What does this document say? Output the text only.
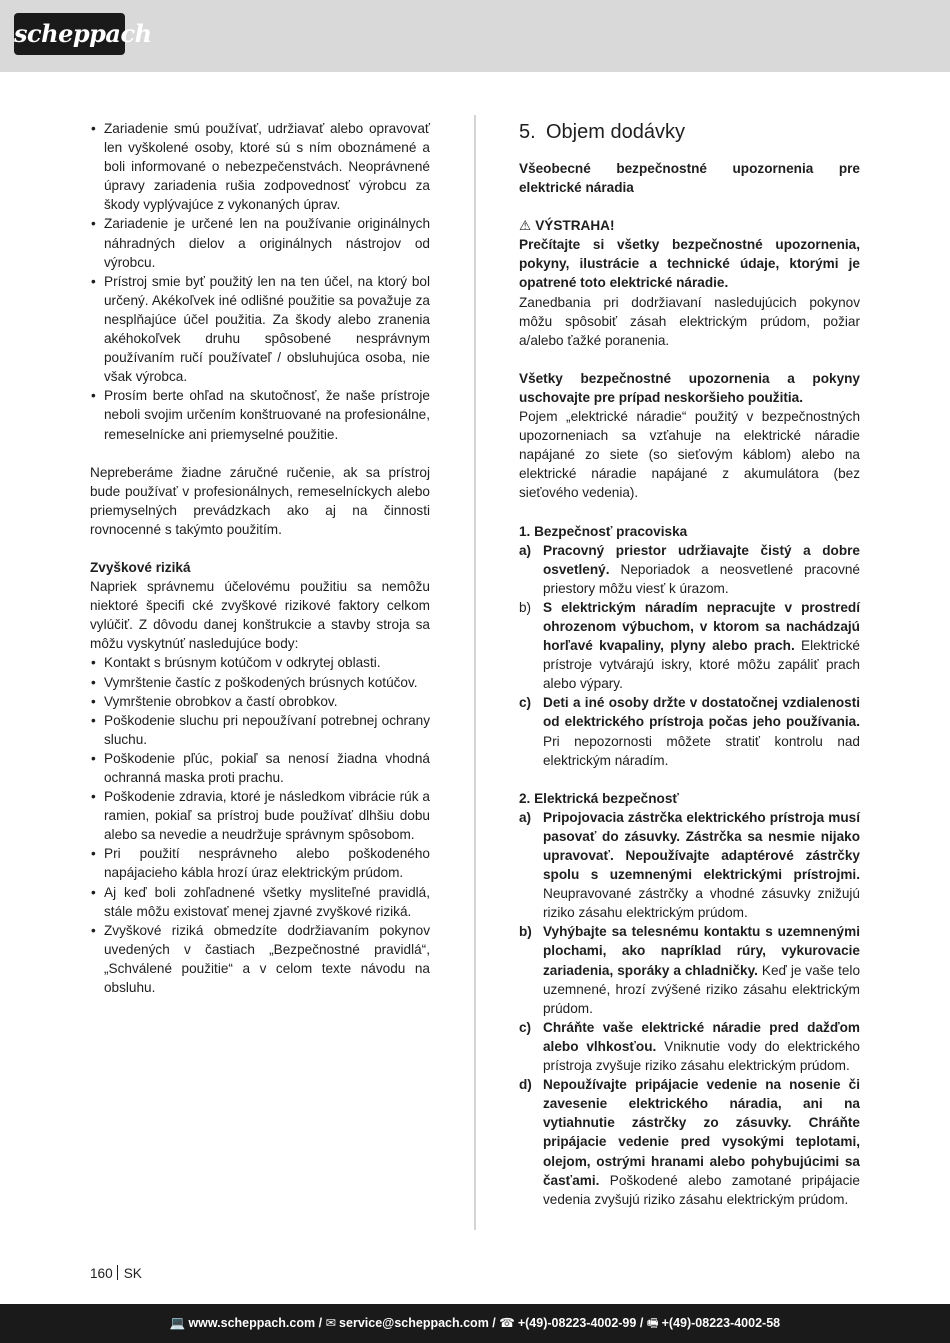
scheppach
• Zariadenie smú používať, udržiavať alebo opravovať len vyškolené osoby, ktoré sú s ním oboznámené a boli informované o nebezpečenstvách. Neoprávnené úpravy zariadenia rušia zodpovednosť výrobcu za škody vyplývajúce z vykonaných úprav.
• Zariadenie je určené len na používanie originálnych náhradných dielov a originálnych nástrojov od výrobcu.
• Prístroj smie byť použitý len na ten účel, na ktorý bol určený. Akékoľvek iné odlišné použitie sa považuje za nesplňajúce účel použitia. Za škody alebo zranenia akéhokoľvek druhu spôsobené nesprávnym používaním ručí používateľ / obsluhujúca osoba, nie však výrobca.
• Prosím berte ohľad na skutočnosť, že naše prístroje neboli svojim určením konštruované na profesionálne, remeselnícke ani priemyselné použitie.

Nepreberáme žiadne záručné ručenie, ak sa prístroj bude používať v profesionálnych, remeselníckych alebo priemyselných prevádzkach ako aj na činnosti rovnocenné s takýmto použitím.

Zvyškové riziká

Napriek správnemu účelovému použitiu sa nemôžu niektoré špecifi cké zvyškové rizikové faktory celkom vylúčiť. Z dôvodu danej konštrukcie a stavby stroja sa môžu vyskytnúť nasledujúce body:

• Kontakt s brúsnym kotúčom v odkrytej oblasti.
• Vymrštenie častíc z poškodených brúsnych kotúčov.
• Vymrštenie obrobkov a častí obrobkov.
• Poškodenie sluchu pri nepoužívaní potrebnej ochrany sluchu.
• Poškodenie pľúc, pokiaľ sa nenosí žiadna vhodná ochranná maska proti prachu.
• Poškodenie zdravia, ktoré je následkom vibrácie rúk a ramien, pokiaľ sa prístroj bude používať dlhšiu dobu alebo sa nevedie a neudržuje správnym spôsobom.
• Pri použití nesprávneho alebo poškodeného napájacieho kábla hrozí úraz elektrickým prúdom.
• Aj keď boli zohľadnené všetky mysliteľné pravidlá, stále môžu existovať menej zjavné zvyškové riziká.
• Zvyškové riziká obmedzíte dodržiavaním pokynov uvedených v častiach „Bezpečnostné pravidlá“, „Schválené použitie“ a v celom texte návodu na obsluhu.
5. Objem dodávky

Všeobecné bezpečnostné upozornenia pre elektrické náradia

⚠ VÝSTRAHA!

Prečítajte si všetky bezpečnostné upozornenia, pokyny, ilustrácie a technické údaje, ktorými je opatrené toto elektrické náradie.

Zanedbania pri dodržiavaní nasledujúcich pokynov môžu spôsobiť zásah elektrickým prúdom, požiar a/alebo ťažké poranenia.

Všetky bezpečnostné upozornenia a pokyny uschovajte pre prípad neskoršieho použitia.

Pojem „elektrické náradie“ použitý v bezpečnostných upozorneniach sa vzťahuje na elektrické náradie napájané zo siete (so sieťovým káblom) alebo na elektrické náradie napájané z akumulátora (bez sieťového vedenia).

1. Bezpečnosť pracoviska

a) Pracovný priestor udržiavajte čistý a dobre osvetlený. Neporiadok a neosvetlené pracovné priestory môžu viesť k úrazom.
b) S elektrickým náradím nepracujte v prostredí ohrozenom výbuchom, v ktorom sa nachádzajú horľavé kvapaliny, plyny alebo prach. Elektrické prístroje vytvárajú iskry, ktoré môžu zapáliť prach alebo výpary.
c) Deti a iné osoby držte v dostatočnej vzdialenosti od elektrického prístroja počas jeho používania. Pri nepozornosti môžete stratiť kontrolu nad elektrickým náradím.

2. Elektrická bezpečnosť

a) Pripojovacia zástrčka elektrického prístroja musí pasovať do zásuvky. Zástrčka sa nesmie nijako upravovať. Nepoužívajte adaptérové zástrčky spolu s uzemnenými elektrickými prístrojmi. Neupravované zástrčky a vhodné zásuvky znižujú riziko zásahu elektrickým prúdom.
b) Vyhýbajte sa telesnému kontaktu s uzemnenými plochami, ako napríklad rúry, vykurovacie zariadenia, sporáky a chladničky. Keď je vaše telo uzemnené, hrozí zvýšené riziko zásahu elektrickým prúdom.
c) Chráňte vaše elektrické náradie pred dažďom alebo vlhkosťou. Vniknutie vody do elektrického prístroja zvyšuje riziko zásahu elektrickým prúdom.
d) Nepoužívajte pripájacie vedenie na nosenie či zavesenie elektrického náradia, ani na vytiahnutie zástrčky zo zásuvky. Chráňte pripájacie vedenie pred vysokými teplotami, olejom, ostrými hranami alebo pohybujúcimi sa časťami. Poškodené alebo zamotané pripájacie vedenia zvyšujú riziko zásahu elektrickým prúdom.
160 SK
💻 www.scheppach.com / ✉ service@scheppach.com / ☎ +(49)-08223-4002-99 / 🖷 +(49)-08223-4002-58
